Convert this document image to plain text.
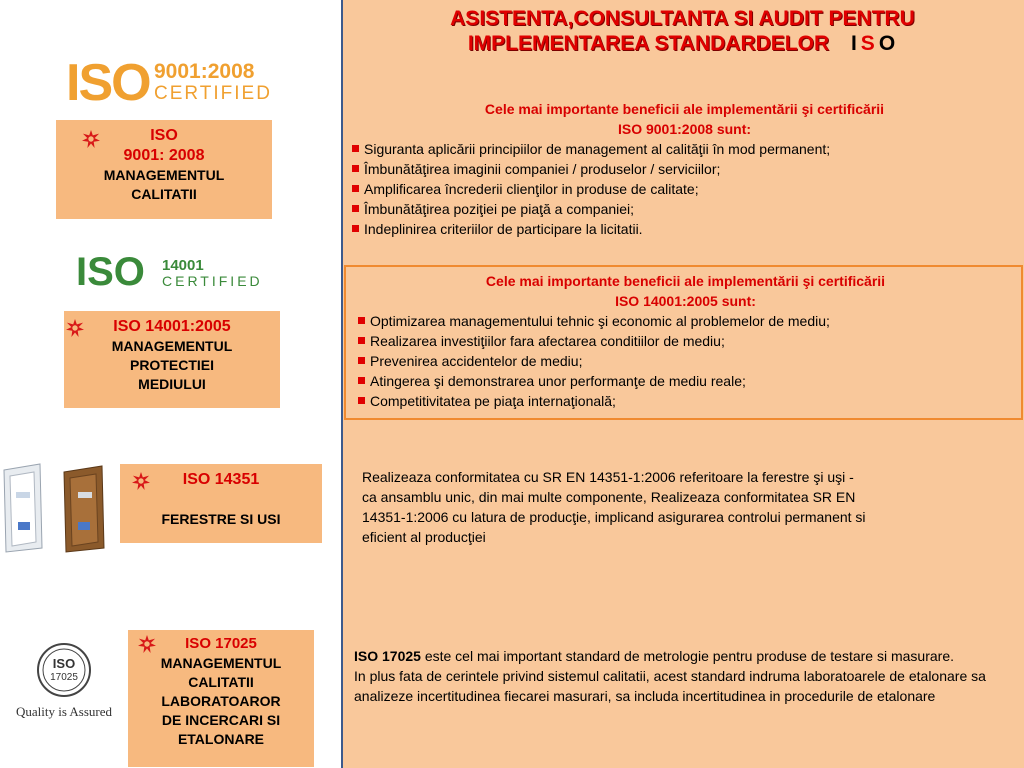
ASISTENTA,CONSULTANTA SI AUDIT PENTRU
IMPLEMENTAREA STANDARDELOR I S O
Cele mai importante beneficii ale implementării şi certificării
ISO 9001:2008 sunt:
Siguranta aplicării principiilor de management al calităţii în mod permanent;
Îmbunătăţirea imaginii companiei / produselor / serviciilor;
Amplificarea încrederii clienţilor in produse de calitate;
Îmbunătăţirea poziţiei pe piaţă a companiei;
Indeplinirea criteriilor de participare la licitatii.
Cele mai importante beneficii ale implementării şi certificării
ISO 14001:2005 sunt:
Optimizarea managementului tehnic şi economic al problemelor de mediu;
Realizarea investiţiilor fara afectarea conditiilor de mediu;
Prevenirea accidentelor de mediu;
Atingerea şi demonstrarea unor performanţe de mediu reale;
Competitivitatea pe piaţa internaţională;
Realizeaza conformitatea cu SR EN 14351-1:2006 referitoare la ferestre şi uşi -
ca ansamblu unic, din mai multe componente, Realizeaza conformitatea SR EN
14351-1:2006 cu latura de producţie, implicand asigurarea controlui permanent si
eficient al producţiei
ISO 17025 este cel mai important standard de metrologie pentru produse de testare si masurare.
In plus fata de cerintele privind sistemul calitatii, acest standard indruma laboratoarele de etalonare sa analizeze incertitudinea fiecarei masurari, sa includa incertitudinea in procedurile de etalonare
ISO 9001:2008
CERTIFIED
ISO
9001: 2008
MANAGEMENTUL
CALITATII
ISO 14001
CERTIFIED
ISO 14001:2005
MANAGEMENTUL
PROTECTIEI
MEDIULUI
ISO 14351
FERESTRE SI USI
ISO
17025
Quality is Assured
ISO 17025
MANAGEMENTUL
CALITATII
LABORATOAROR
DE INCERCARI SI
ETALONARE
